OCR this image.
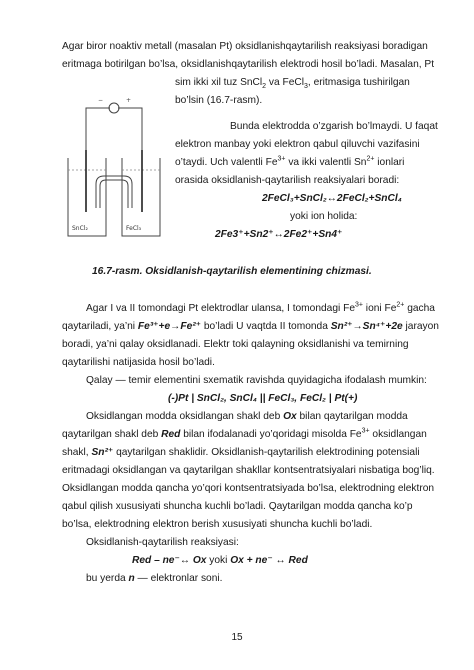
Agar biror noaktiv metall (masalan Pt) oksidlanishqaytarilish reaksiyasi boradigan
eritmaga botirilgan bo’lsa, oksidlanishqaytarilish elektrodi hosil bo’ladi. Masalan, Pt
sim ikki xil tuz SnCl$_2$ va FeCl$_3$, eritmasiga tushirilgan
bo’lsin (16.7-rasm).
−	+
SnCl₂	FeCl₃
Bunda elektrodda o’zgarish bo’lmaydi. U faqat
elektron manbay yoki elektron qabul qiluvchi vazifasini
o’taydi. Uch valentli $Fe^{3+}$ va ikki valentli $Sn^{2+}$ ionlari
orasida oksidlanish-qaytarilish reaksiyalari boradi:
2FeCl₃+SnCl₂↔2FeCl₂+SnCl₄
yoki ion holida:
2Fe3⁺+Sn2⁺↔2Fe2⁺+Sn4⁺
16.7-rasm. Oksidlanish-qaytarilish elementining chizmasi.
Agar I va II tomondagi Pt elektrodlar ulansa, I tomondagi $Fe^{3+}$ ioni $Fe^{2+}$ gacha
qaytariladi, ya’ni Fe³⁺+e→Fe²⁺ bo’ladi U vaqtda II tomonda Sn²⁺→Sn⁴⁺+2e jarayon
boradi, ya’ni qalay oksidlanadi. Elektr toki qalayning oksidlanishi va temirning
qaytarilishi natijasida hosil bo’ladi.
Qalay — temir elementini sxematik ravishda quyidagicha ifodalash mumkin:
(-)Pt | SnCl₂, SnCl₄ || FeCl₃, FeCl₂ | Pt(+)
Oksidlangan modda oksidlangan shakl deb Ox bilan qaytarilgan modda
qaytarilgan shakl deb Red bilan ifodalanadi yo’qoridagi misolda $Fe^{3+}$ oksidlangan
shakl, Sn²⁺ qaytarilgan shaklidir. Oksidlanish-qaytarilish elektrodining potensiali
eritmadagi oksidlangan va qaytarilgan shakllar kontsentratsiyalari nisbatiga bog’liq.
Oksidlangan modda qancha yo’qori kontsentratsiyada bo’lsa, elektrodning elektron
qabul qilish xususiyati shuncha kuchli bo’ladi. Qaytarilgan modda qancha ko’p
bo’lsa, elektrodning elektron berish xususiyati shuncha kuchli bo’ladi.
Oksidlanish-qaytarilish reaksiyasi:
Red – ne⁻↔ Ox yoki Ox + ne⁻ ↔ Red
bu yerda n — elektronlar soni.
15
